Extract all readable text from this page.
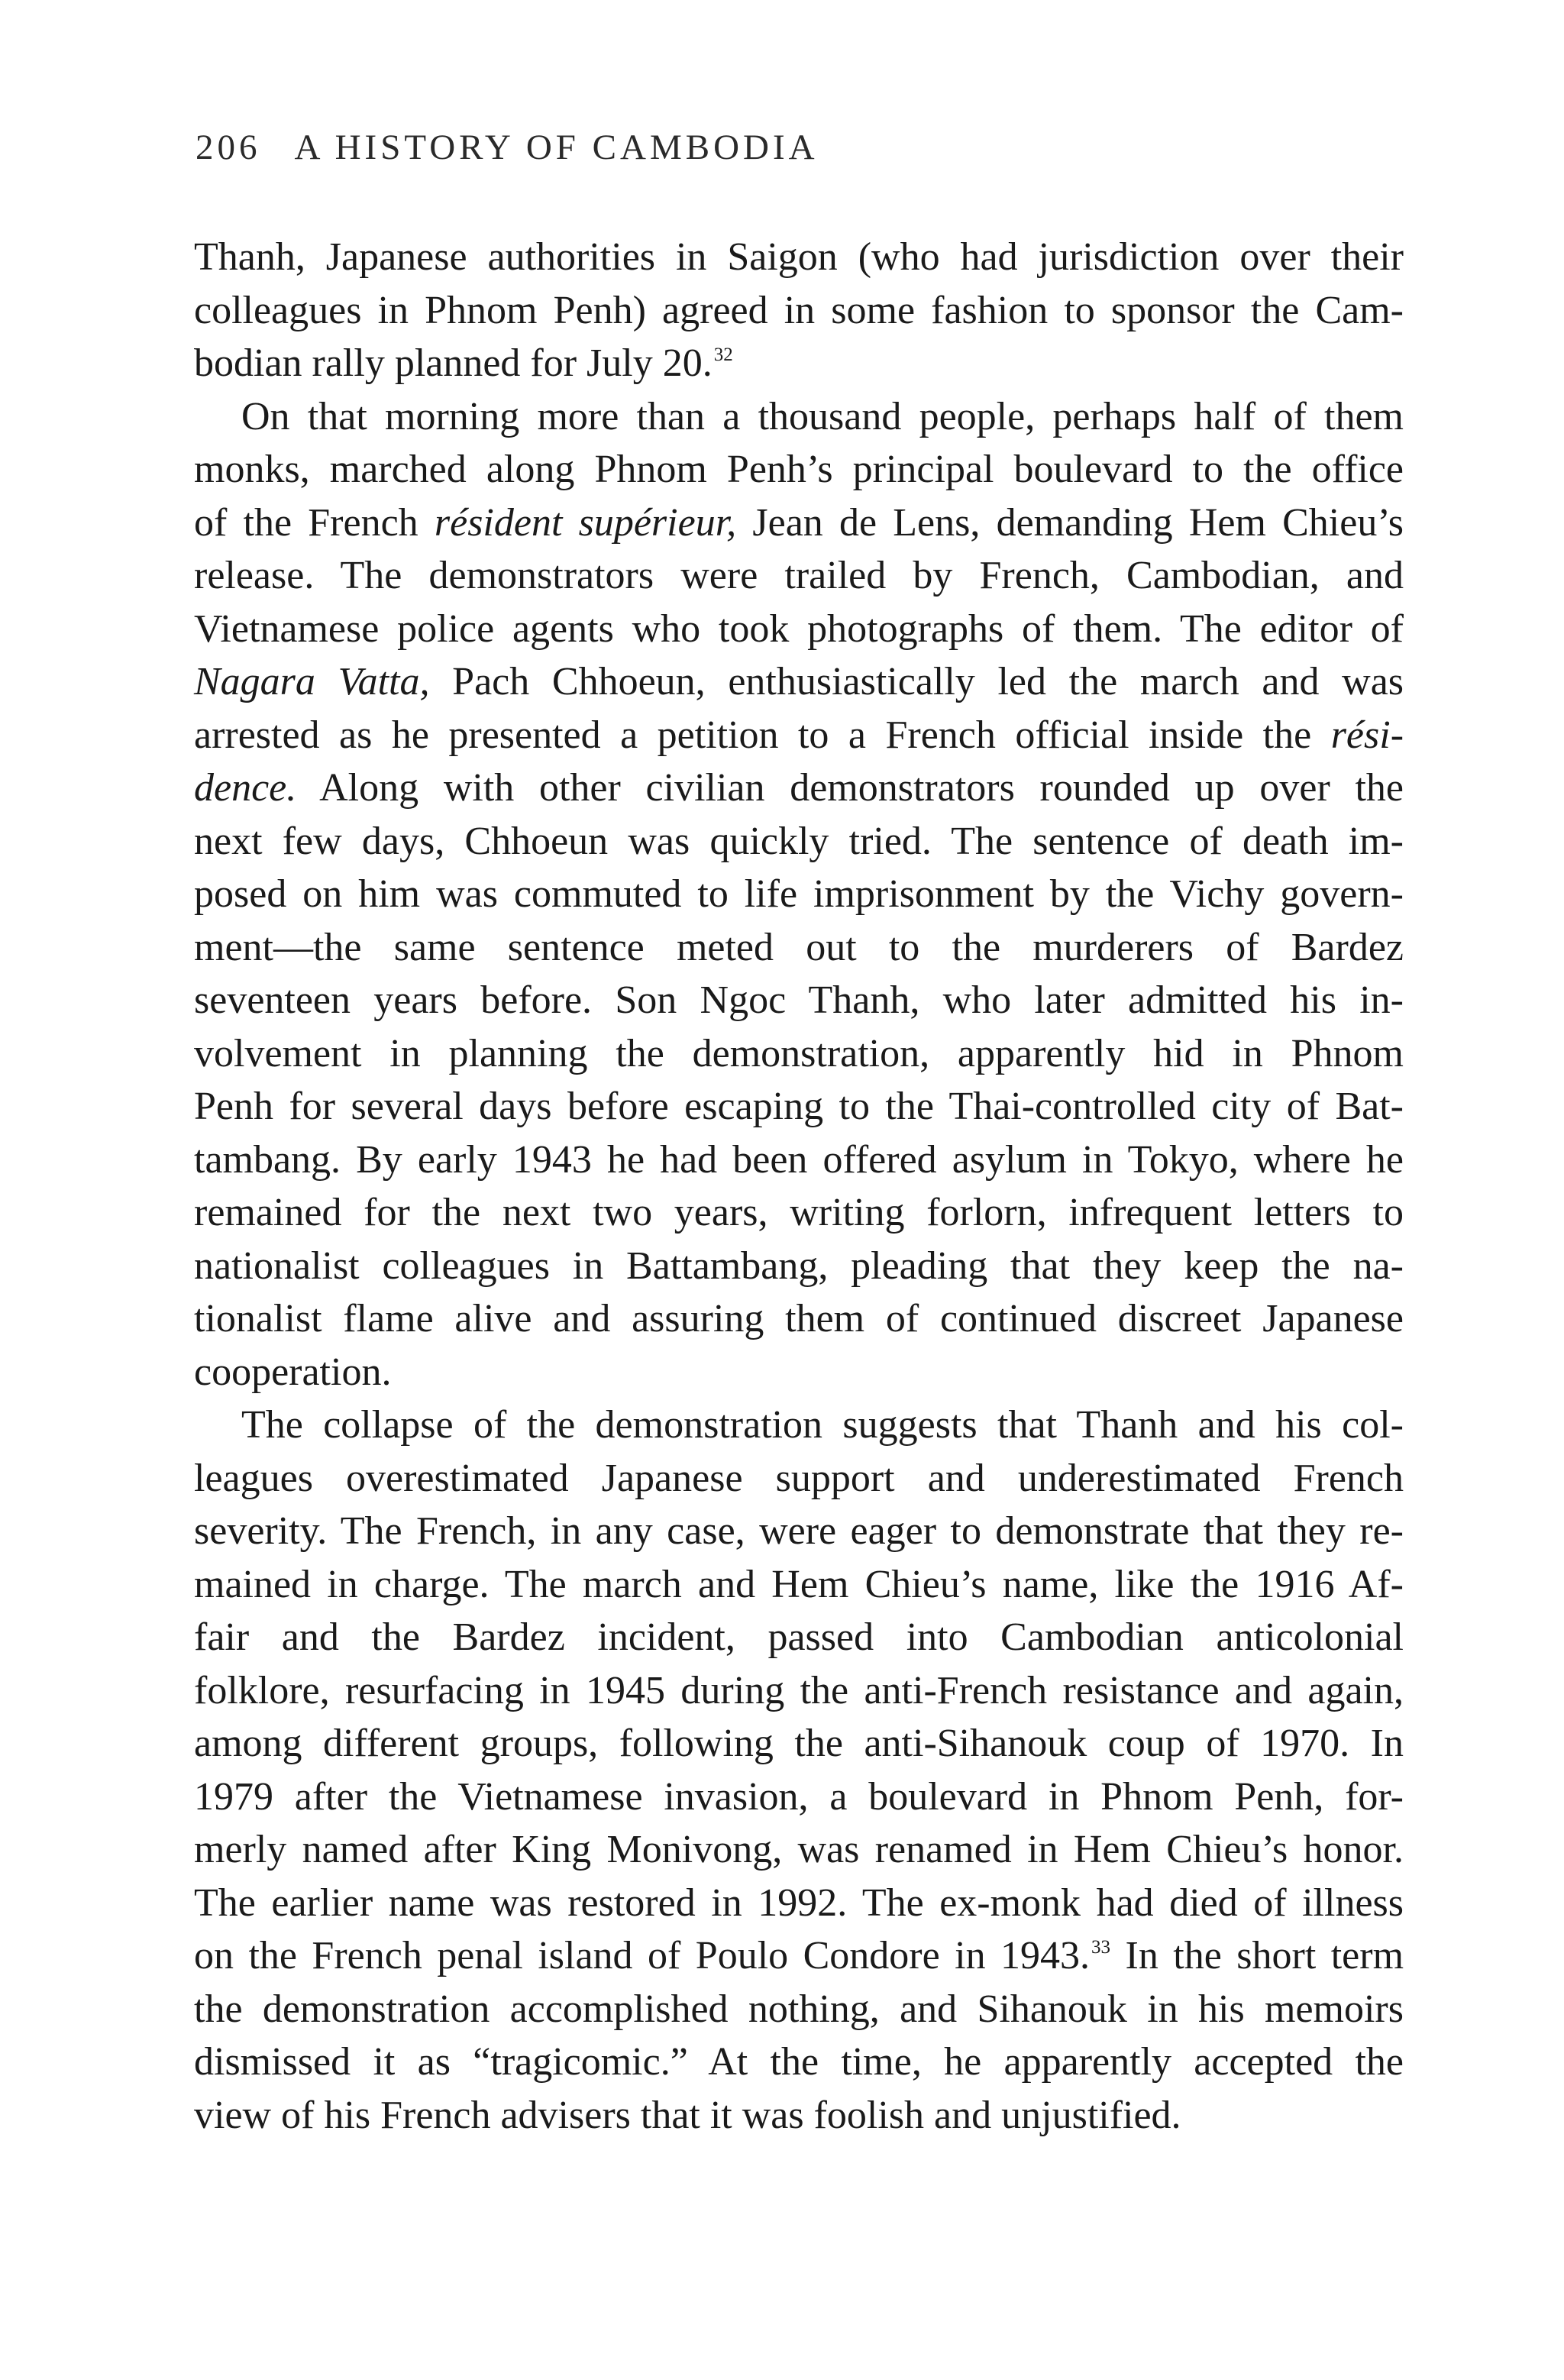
206 A HISTORY OF CAMBODIA
Thanh, Japanese authorities in Saigon (who had jurisdiction over their
colleagues in Phnom Penh) agreed in some fashion to sponsor the Cam-
bodian rally planned for July 20.32
On that morning more than a thousand people, perhaps half of them
monks, marched along Phnom Penh’s principal boulevard to the office
of the French résident supérieur, Jean de Lens, demanding Hem Chieu’s
release. The demonstrators were trailed by French, Cambodian, and
Vietnamese police agents who took photographs of them. The editor of
Nagara Vatta, Pach Chhoeun, enthusiastically led the march and was
arrested as he presented a petition to a French official inside the rési-
dence. Along with other civilian demonstrators rounded up over the
next few days, Chhoeun was quickly tried. The sentence of death im-
posed on him was commuted to life imprisonment by the Vichy govern-
ment—the same sentence meted out to the murderers of Bardez
seventeen years before. Son Ngoc Thanh, who later admitted his in-
volvement in planning the demonstration, apparently hid in Phnom
Penh for several days before escaping to the Thai-controlled city of Bat-
tambang. By early 1943 he had been offered asylum in Tokyo, where he
remained for the next two years, writing forlorn, infrequent letters to
nationalist colleagues in Battambang, pleading that they keep the na-
tionalist flame alive and assuring them of continued discreet Japanese
cooperation.
The collapse of the demonstration suggests that Thanh and his col-
leagues overestimated Japanese support and underestimated French
severity. The French, in any case, were eager to demonstrate that they re-
mained in charge. The march and Hem Chieu’s name, like the 1916 Af-
fair and the Bardez incident, passed into Cambodian anticolonial
folklore, resurfacing in 1945 during the anti-French resistance and again,
among different groups, following the anti-Sihanouk coup of 1970. In
1979 after the Vietnamese invasion, a boulevard in Phnom Penh, for-
merly named after King Monivong, was renamed in Hem Chieu’s honor.
The earlier name was restored in 1992. The ex-monk had died of illness
on the French penal island of Poulo Condore in 1943.33 In the short term
the demonstration accomplished nothing, and Sihanouk in his memoirs
dismissed it as “tragicomic.” At the time, he apparently accepted the
view of his French advisers that it was foolish and unjustified.
